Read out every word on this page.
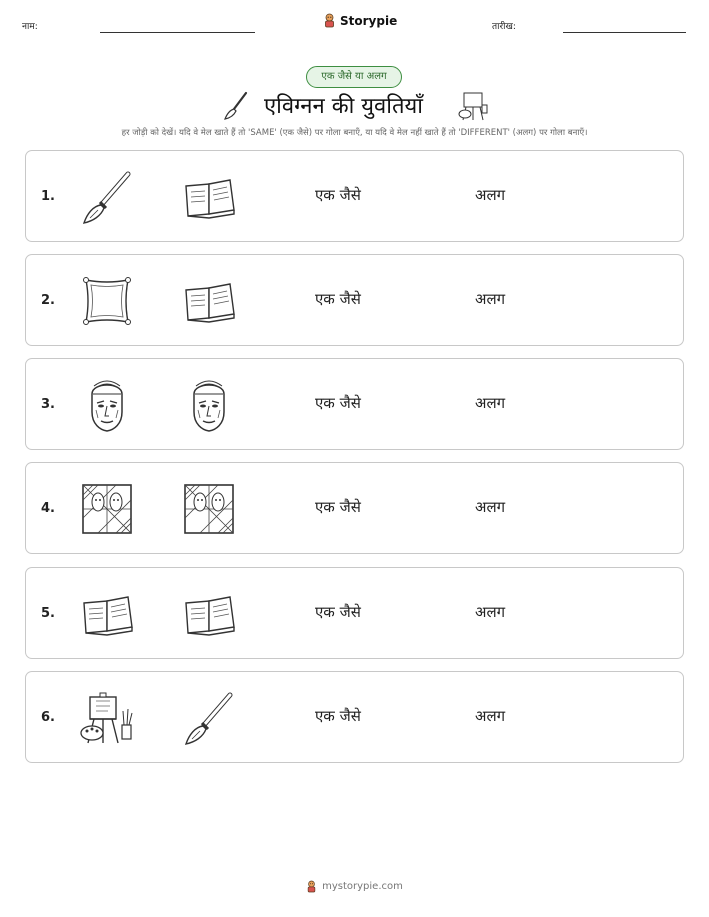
नाम:	Storypie	तारीख:
एक जैसे या अलग
एविग्नन की युवतियाँ
हर जोड़ी को देखें। यदि वे मेल खाते हैं तो 'SAME' (एक जैसे) पर गोला बनाएँ, या यदि वे मेल नहीं खाते हैं तो 'DIFFERENT' (अलग) पर गोला बनाएँ।
1.	एक जैसे	अलग
2.	एक जैसे	अलग
3.	एक जैसे	अलग
4.	एक जैसे	अलग
5.	एक जैसे	अलग
6.	एक जैसे	अलग
mystorypie.com
